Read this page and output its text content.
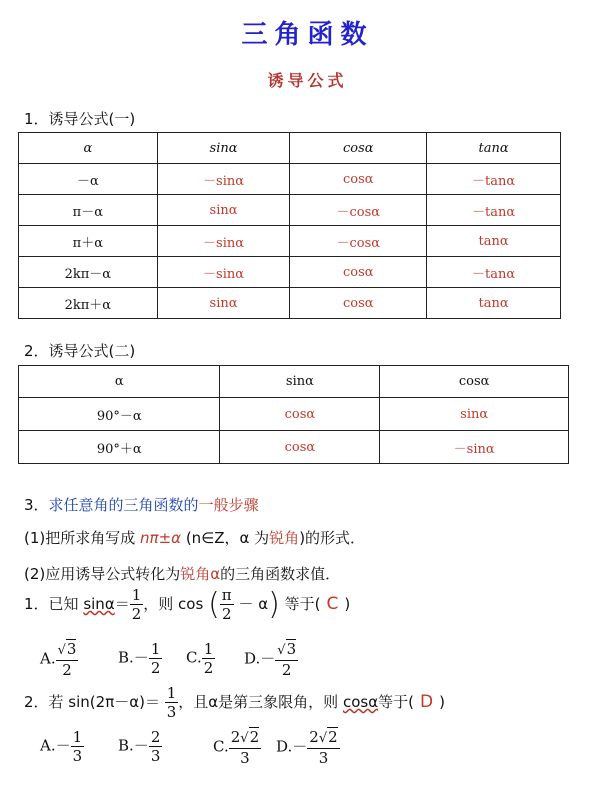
三角函数
诱导公式
1．诱导公式(一)
α	sinα	cosα	tanα
－α	－sinα	cosα	－tanα
π－α	sinα	－cosα	－tanα
π＋α	－sinα	－cosα	tanα
2kπ－α	－sinα	cosα	－tanα
2kπ＋α	sinα	cosα	tanα
2．诱导公式(二)
α	sinα	cosα
90°－α	cosα	sinα
90°＋α	cosα	－sinα
3．求任意角的三角函数的一般步骤
(1)把所求角写成 nπ±α (n∈Z，α 为锐角)的形式．
(2)应用诱导公式转化为锐角α的三角函数求值．
1．已知 $\sin\alpha= \frac{1}{2}$ ，则 cos ( $\frac{\pi}{2} - \alpha$) 等于( C )
A. $\frac{√3}{2}$	$B.- \frac{1}{2} C$. $\frac{1}{2} D.- \frac{√3}{2}$
2．若 $\sin(2\pi-\alpha)= \frac{1}{3}$ ，且α是第三象限角，则 cosα等于( D )
$A.- \frac{1}{3} B.- \frac{2}{3}$	C. $\frac{2√2}{3} D.- \frac{2√2}{3}$
